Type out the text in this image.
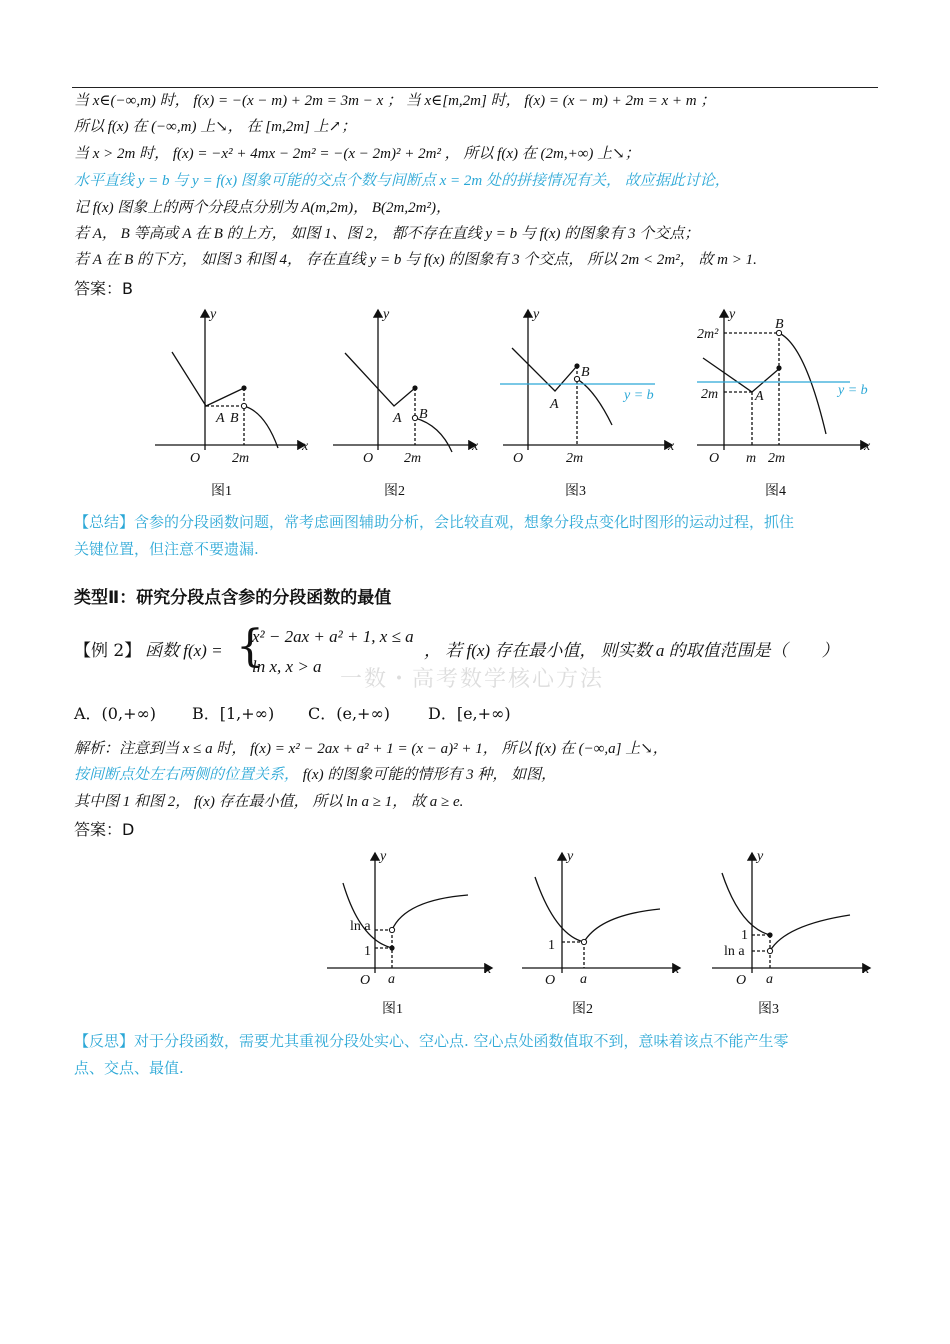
当 x∈(−∞,m) 时， f(x) = −(x − m) + 2m = 3m − x ； 当 x∈[m,2m] 时， f(x) = (x − m) + 2m = x + m ；
所以 f(x) 在 (−∞,m) 上↘， 在 [m,2m] 上↗；
当 x > 2m 时， f(x) = −x² + 4mx − 2m² = −(x − 2m)² + 2m² ， 所以 f(x) 在 (2m,+∞) 上↘；
水平直线 y = b 与 y = f(x) 图象可能的交点个数与间断点 x = 2m 处的拼接情况有关， 故应据此讨论，
记 f(x) 图象上的两个分段点分别为 A(m,2m)， B(2m,2m²)，
若 A， B 等高或 A 在 B 的上方， 如图 1、图 2， 都不存在直线 y = b 与 f(x) 的图象有 3 个交点；
若 A 在 B 的下方， 如图 3 和图 4， 存在直线 y = b 与 f(x) 的图象有 3 个交点， 所以 2m < 2m²， 故 m > 1.
答案：B
y
x
O 2m
A B
y
x
O 2m
A B
y
x
O	2m
A
B
y = b
y
x
O m 2m
2m²
2m	A
B
y = b
图1	图2	图3	图4
【总结】含参的分段函数问题，常考虑画图辅助分析，会比较直观，想象分段点变化时图形的运动过程，抓住
关键位置，但注意不要遗漏.
类型Ⅱ：研究分段点含参的分段函数的最值
一数・高考数学核心方法
【例 2】 函数 f(x) = {
x² − 2ax + a² + 1, x ≤ a
ln x, x > a
， 若 f(x) 存在最小值， 则实数 a 的取值范围是（　　）
A．(0,+∞) B．[1,+∞) C．(e,+∞) D．[e,+∞)
解析：注意到当 x ≤ a 时， f(x) = x² − 2ax + a² + 1 = (x − a)² + 1， 所以 f(x) 在 (−∞,a] 上↘，
按间断点处左右两侧的位置关系， f(x) 的图象可能的情形有 3 种， 如图，
其中图 1 和图 2， f(x) 存在最小值， 所以 ln a ≥ 1， 故 a ≥ e.
答案：D
y
x
O a
ln a
1
y
x
O a
1
y
x
O a
1
ln a
图1	图2	图3
【反思】对于分段函数，需要尤其重视分段处实心、空心点. 空心点处函数值取不到，意味着该点不能产生零
点、交点、最值.
